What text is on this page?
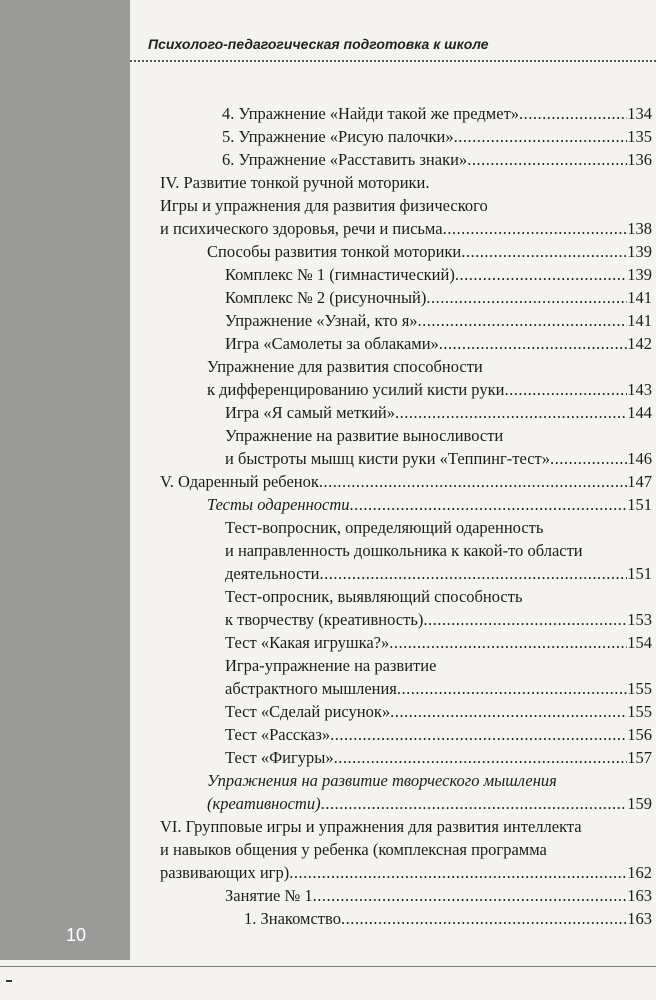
10
Психолого-педагогическая подготовка к школе
4. Упражнение «Найди такой же предмет» .....	134
5. Упражнение «Рисую палочки» .....	135
6. Упражнение «Расставить знаки» .....	136
IV. Развитие тонкой ручной моторики.
Игры и упражнения для развития физического
и психического здоровья, речи и письма .....	138
Способы развития тонкой моторики .....	139
Комплекс № 1 (гимнастический) .....	139
Комплекс № 2 (рисуночный) .....	141
Упражнение «Узнай, кто я» .....	141
Игра «Самолеты за облаками» .....	142
Упражнение для развития способности
к дифференцированию усилий кисти руки .....	143
Игра «Я самый меткий» .....	144
Упражнение на развитие выносливости
и быстроты мышц кисти руки «Теппинг-тест» .....	146
V. Одаренный ребенок .....	147
Тесты одаренности .....	151
Тест-вопросник, определяющий одаренность
и направленность дошкольника к какой-то области
деятельности .....	151
Тест-опросник, выявляющий способность
к творчеству (креативность) .....	153
Тест «Какая игрушка?» .....	154
Игра-упражнение на развитие
абстрактного мышления .....	155
Тест «Сделай рисунок» .....	155
Тест «Рассказ» .....	156
Тест «Фигуры» .....	157
Упражнения на развитие творческого мышления
(креативности) .....	159
VI. Групповые игры и упражнения для развития интеллекта
и навыков общения у ребенка (комплексная программа
развивающих игр) .....	162
Занятие № 1 .....	163
1. Знакомство .....	163
